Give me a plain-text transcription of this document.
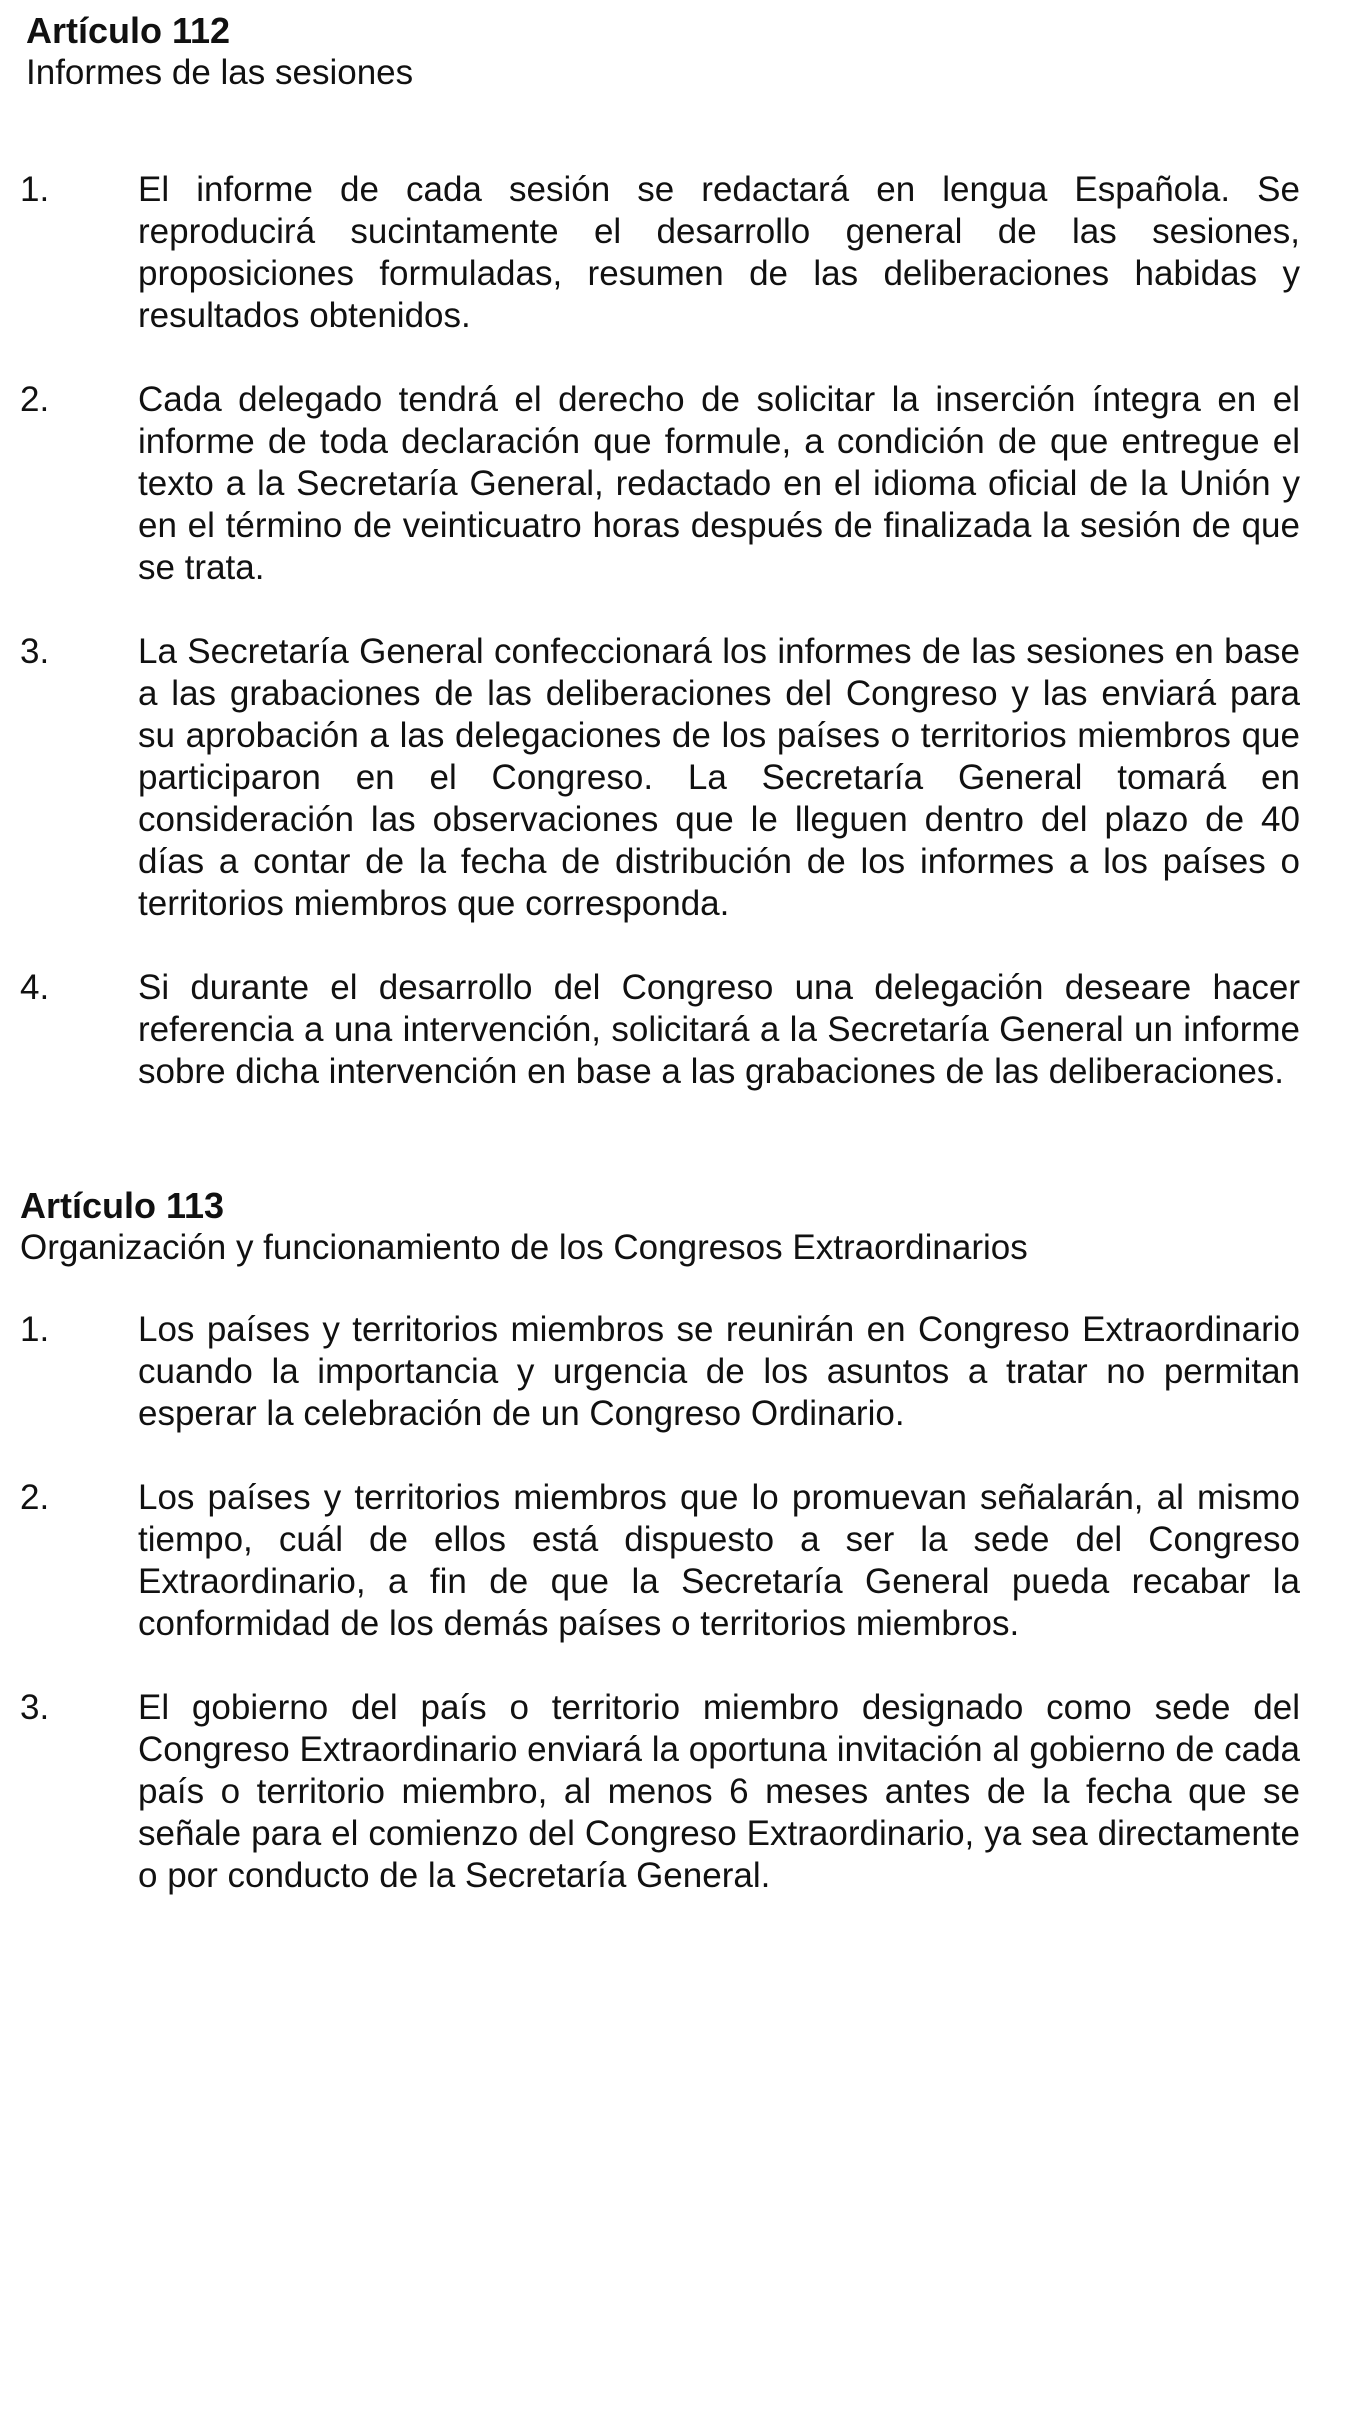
Artículo 112

Informes de las sesiones

1.	El informe de cada sesión se redactará en lengua Española. Se reproducirá sucintamente el desarrollo general de las sesiones, proposiciones formuladas, resumen de las deliberaciones habidas y resultados obtenidos.

2.	Cada delegado tendrá el derecho de solicitar la inserción íntegra en el informe de toda declaración que formule, a condición de que entregue el texto a la Secretaría General, redactado en el idioma oficial de la Unión y en el término de veinticuatro horas después de finalizada la sesión de que se trata.

3.	La Secretaría General confeccionará los informes de las sesiones en base a las grabaciones de las deliberaciones del Congreso y las enviará para su aprobación a las delegaciones de los países o territorios miembros que participaron en el Congreso. La Secretaría General tomará en consideración las observaciones que le lleguen dentro del plazo de 40 días a contar de la fecha de distribución de los informes a los países o territorios miembros que corresponda.

4.	Si durante el desarrollo del Congreso una delegación deseare hacer referencia a una intervención, solicitará a la Secretaría General un informe sobre dicha intervención en base a las grabaciones de las deliberaciones.

Artículo 113

Organización y funcionamiento de los Congresos Extraordinarios

1.	Los países y territorios miembros se reunirán en Congreso Extraordinario cuando la importancia y urgencia de los asuntos a tratar no permitan esperar la celebración de un Congreso Ordinario.

2.	Los países y territorios miembros que lo promuevan señalarán, al mismo tiempo, cuál de ellos está dispuesto a ser la sede del Congreso Extraordinario, a fin de que la Secretaría General pueda recabar la conformidad de los demás países o territorios miembros.

3.	El gobierno del país o territorio miembro designado como sede del Congreso Extraordinario enviará la oportuna invitación al gobierno de cada país o territorio miembro, al menos 6 meses antes de la fecha que se señale para el comienzo del Congreso Extraordinario, ya sea directamente o por conducto de la Secretaría General.
